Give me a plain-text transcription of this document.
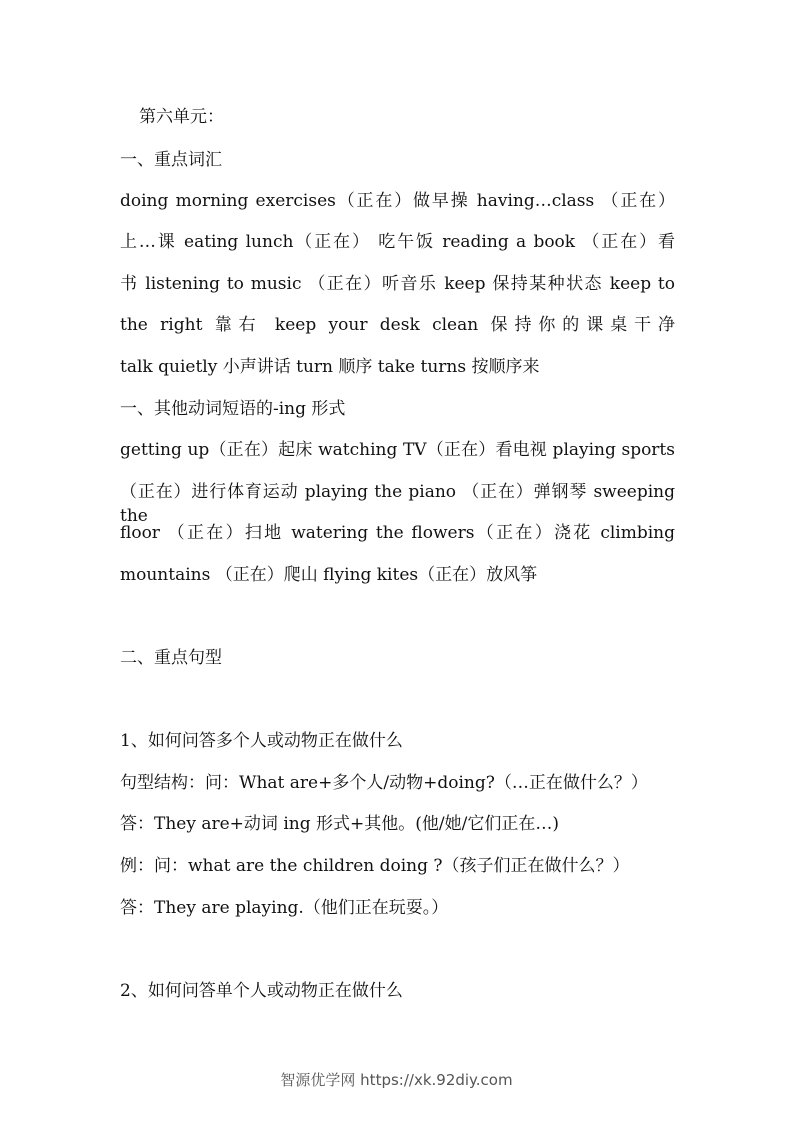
第六单元：
一、重点词汇
doing morning exercises（正在）做早操 having…class （正在）
上…课 eating lunch（正在） 吃午饭 reading a book （正在）看
书 listening to music （正在）听音乐 keep 保持某种状态 keep to
the right 靠右 keep your desk clean 保持你的课桌干净
talk quietly 小声讲话 turn 顺序 take turns 按顺序来
一、其他动词短语的-ing 形式
getting up（正在）起床 watching TV（正在）看电视 playing sports
（正在）进行体育运动 playing the piano （正在）弹钢琴 sweeping the
floor （正在）扫地 watering the flowers（正在）浇花 climbing
mountains （正在）爬山 flying kites（正在）放风筝
二、重点句型
1、如何问答多个人或动物正在做什么
句型结构：问：What are+多个人/动物+doing?（…正在做什么？）
答：They are+动词 ing 形式+其他。(他/她/它们正在…)
例：问：what are the children doing ?（孩子们正在做什么？）
答：They are playing.（他们正在玩耍。）
2、如何问答单个人或动物正在做什么
智源优学网 https://xk.92diy.com
